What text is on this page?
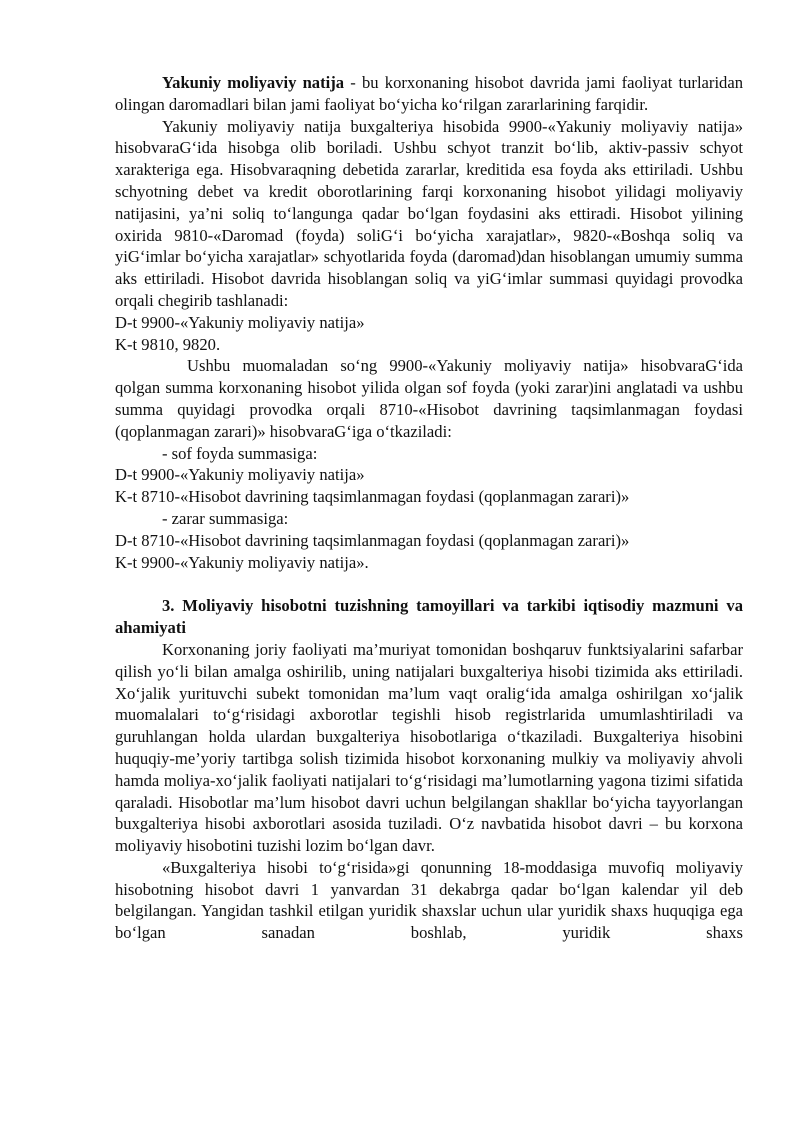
Yakuniy moliyaviy natija - bu korxonaning hisobot davrida jami faoliyat turlaridan olingan daromadlari bilan jami faoliyat bo‘yicha ko‘rilgan zararlarining farqidir.

Yakuniy moliyaviy natija buxgalteriya hisobida 9900-«Yakuniy moliyaviy natija» hisobvaraG‘ida hisobga olib boriladi. Ushbu schyot tranzit bo‘lib, aktiv-passiv schyot xarakteriga ega. Hisobvaraqning debetida zararlar, kreditida esa foyda aks ettiriladi. Ushbu schyotning debet va kredit oborotlarining farqi korxonaning hisobot yilidagi moliyaviy natijasini, ya’ni soliq to‘langunga qadar bo‘lgan foydasini aks ettiradi. Hisobot yilining oxirida 9810-«Daromad (foyda) soliG‘i bo‘yicha xarajatlar», 9820-«Boshqa soliq va yiG‘imlar bo‘yicha xarajatlar» schyotlarida foyda (daromad)dan hisoblangan umumiy summa aks ettiriladi. Hisobot davrida hisoblangan soliq va yiG‘imlar summasi quyidagi provodka orqali chegirib tashlanadi:

D-t 9900-«Yakuniy moliyaviy natija»

K-t 9810, 9820.

Ushbu muomaladan so‘ng 9900-«Yakuniy moliyaviy natija» hisobvaraG‘ida qolgan summa korxonaning hisobot yilida olgan sof foyda (yoki zarar)ini anglatadi va ushbu summa quyidagi provodka orqali 8710-«Hisobot davrining taqsimlanmagan foydasi (qoplanmagan zarari)» hisobvaraG‘iga o‘tkaziladi:

- sof foyda summasiga:

D-t 9900-«Yakuniy moliyaviy natija»

K-t 8710-«Hisobot davrining taqsimlanmagan foydasi (qoplanmagan zarari)»

- zarar summasiga:

D-t 8710-«Hisobot davrining taqsimlanmagan foydasi (qoplanmagan zarari)»

K-t 9900-«Yakuniy moliyaviy natija».

3. Moliyaviy hisobotni tuzishning tamoyillari va tarkibi iqtisodiy mazmuni va ahamiyati

Korxonaning joriy faoliyati ma’muriyat tomonidan boshqaruv funktsiyalarini safarbar qilish yo‘li bilan amalga oshirilib, uning natijalari buxgalteriya hisobi tizimida aks ettiriladi. Xo‘jalik yurituvchi subekt tomonidan ma’lum vaqt oralig‘ida amalga oshirilgan xo‘jalik muomalalari to‘g‘risidagi axborotlar tegishli hisob registrlarida umumlashtiriladi va guruhlangan holda ulardan buxgalteriya hisobotlariga o‘tkaziladi. Buxgalteriya hisobini huquqiy-me’yoriy tartibga solish tizimida hisobot korxonaning mulkiy va moliyaviy ahvoli hamda moliya-xo‘jalik faoliyati natijalari to‘g‘risidagi ma’lumotlarning yagona tizimi sifatida qaraladi. Hisobotlar ma’lum hisobot davri uchun belgilangan shakllar bo‘yicha tayyorlangan buxgalteriya hisobi axborotlari asosida tuziladi. O‘z navbatida hisobot davri – bu korxona moliyaviy hisobotini tuzishi lozim bo‘lgan davr.

«Buxgalteriya hisobi to‘g‘risida»gi qonunning 18-moddasiga muvofiq moliyaviy hisobotning hisobot davri 1 yanvardan 31 dekabrga qadar bo‘lgan kalendar yil deb belgilangan. Yangidan tashkil etilgan yuridik shaxslar uchun ular yuridik shaxs huquqiga ega bo‘lgan sanadan boshlab, yuridik shaxs
